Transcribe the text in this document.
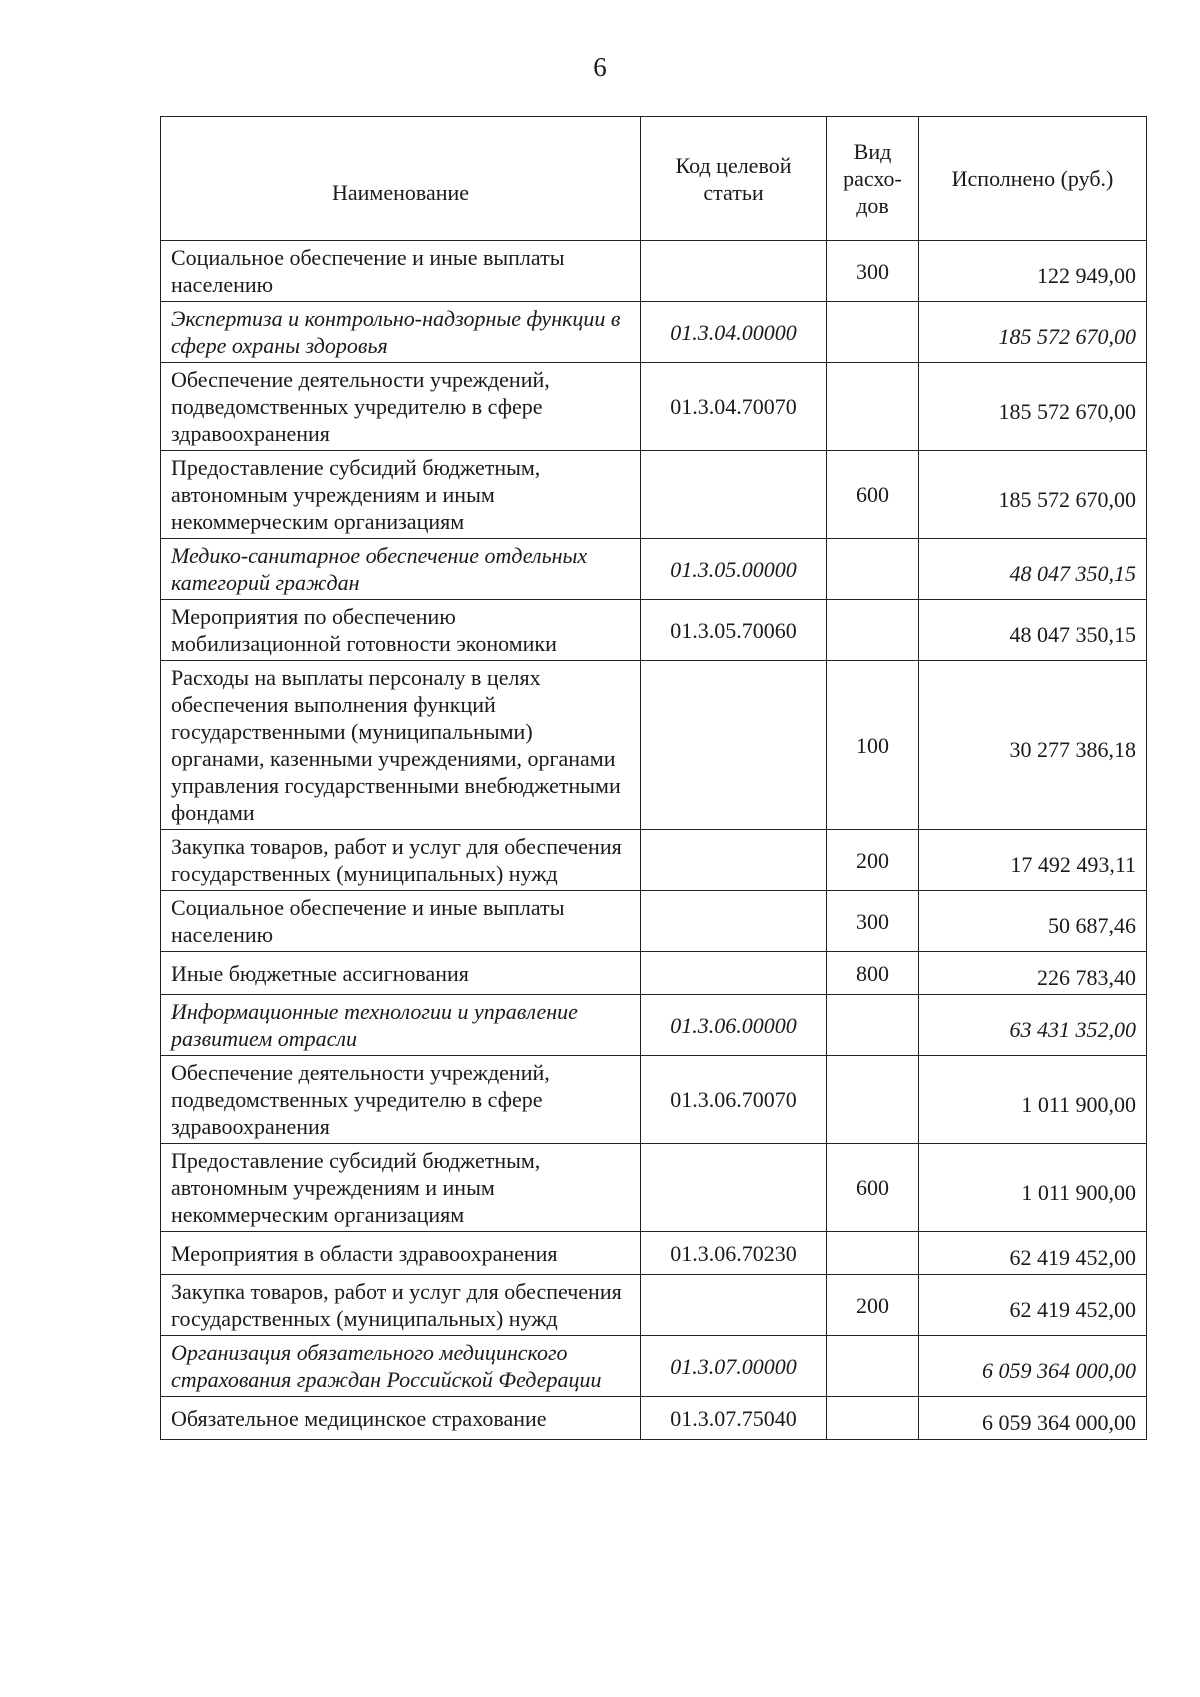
6
Наименование	Код целевой статьи	Вид расхо-дов	Исполнено (руб.)
Социальное обеспечение и иные выплаты населению		300	122 949,00
Экспертиза и контрольно-надзорные функции в сфере охраны здоровья	01.3.04.00000		185 572 670,00
Обеспечение деятельности учреждений, подведомственных учредителю в сфере здравоохранения	01.3.04.70070		185 572 670,00
Предоставление субсидий бюджетным, автономным учреждениям и иным некоммерческим организациям		600	185 572 670,00
Медико-санитарное обеспечение отдельных категорий граждан	01.3.05.00000		48 047 350,15
Мероприятия по обеспечению мобилизационной готовности экономики	01.3.05.70060		48 047 350,15
Расходы на выплаты персоналу в целях обеспечения выполнения функций государственными (муниципальными) органами, казенными учреждениями, органами управления государственными внебюджетными фондами		100	30 277 386,18
Закупка товаров, работ и услуг для обеспечения государственных (муниципальных) нужд		200	17 492 493,11
Социальное обеспечение и иные выплаты населению		300	50 687,46
Иные бюджетные ассигнования		800	226 783,40
Информационные технологии и управление развитием отрасли	01.3.06.00000		63 431 352,00
Обеспечение деятельности учреждений, подведомственных учредителю в сфере здравоохранения	01.3.06.70070		1 011 900,00
Предоставление субсидий бюджетным, автономным учреждениям и иным некоммерческим организациям		600	1 011 900,00
Мероприятия в области здравоохранения	01.3.06.70230		62 419 452,00
Закупка товаров, работ и услуг для обеспечения государственных (муниципальных) нужд		200	62 419 452,00
Организация обязательного медицинского страхования граждан Российской Федерации	01.3.07.00000		6 059 364 000,00
Обязательное медицинское страхование	01.3.07.75040		6 059 364 000,00
